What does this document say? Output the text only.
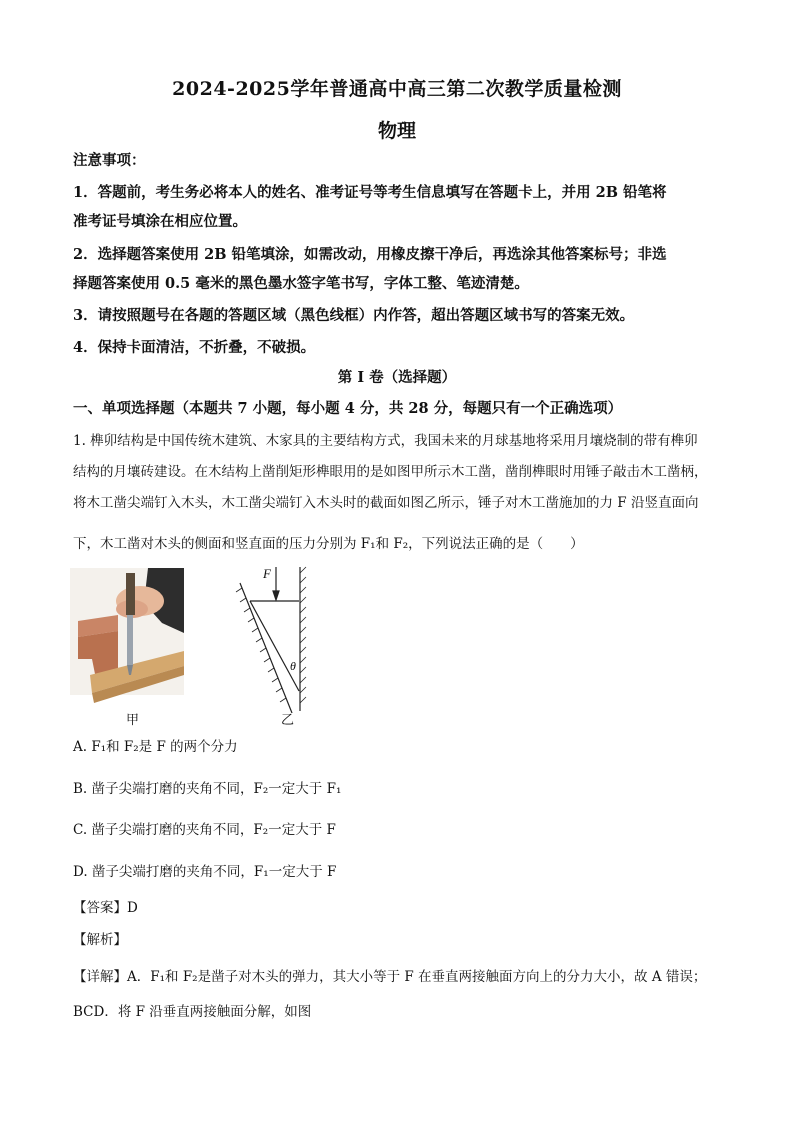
2024-2025学年普通高中高三第二次教学质量检测
物理
注意事项：
1．答题前，考生务必将本人的姓名、准考证号等考生信息填写在答题卡上，并用 2B 铅笔将
准考证号填涂在相应位置。
2．选择题答案使用 2B 铅笔填涂，如需改动，用橡皮擦干净后，再选涂其他答案标号；非选
择题答案使用 0.5 毫米的黑色墨水签字笔书写，字体工整、笔迹清楚。
3．请按照题号在各题的答题区域（黑色线框）内作答，超出答题区域书写的答案无效。
4．保持卡面清洁，不折叠，不破损。
第 I 卷（选择题）
一、单项选择题（本题共 7 小题，每小题 4 分，共 28 分，每题只有一个正确选项）
1. 榫卯结构是中国传统木建筑、木家具的主要结构方式，我国未来的月球基地将采用月壤烧制的带有榫卯
结构的月壤砖建设。在木结构上凿削矩形榫眼用的是如图甲所示木工凿，凿削榫眼时用锤子敲击木工凿柄，
将木工凿尖端钉入木头，木工凿尖端钉入木头时的截面如图乙所示，锤子对木工凿施加的力 F 沿竖直面向
下，木工凿对木头的侧面和竖直面的压力分别为 F₁和 F₂，下列说法正确的是（　　）
F
θ
甲	乙
A. F₁和 F₂是 F 的两个分力
B. 凿子尖端打磨的夹角不同，F₂一定大于 F₁
C. 凿子尖端打磨的夹角不同，F₂一定大于 F
D. 凿子尖端打磨的夹角不同，F₁一定大于 F
【答案】D
【解析】
【详解】A．F₁和 F₂是凿子对木头的弹力，其大小等于 F 在垂直两接触面方向上的分力大小，故 A 错误；
BCD．将 F 沿垂直两接触面分解，如图
